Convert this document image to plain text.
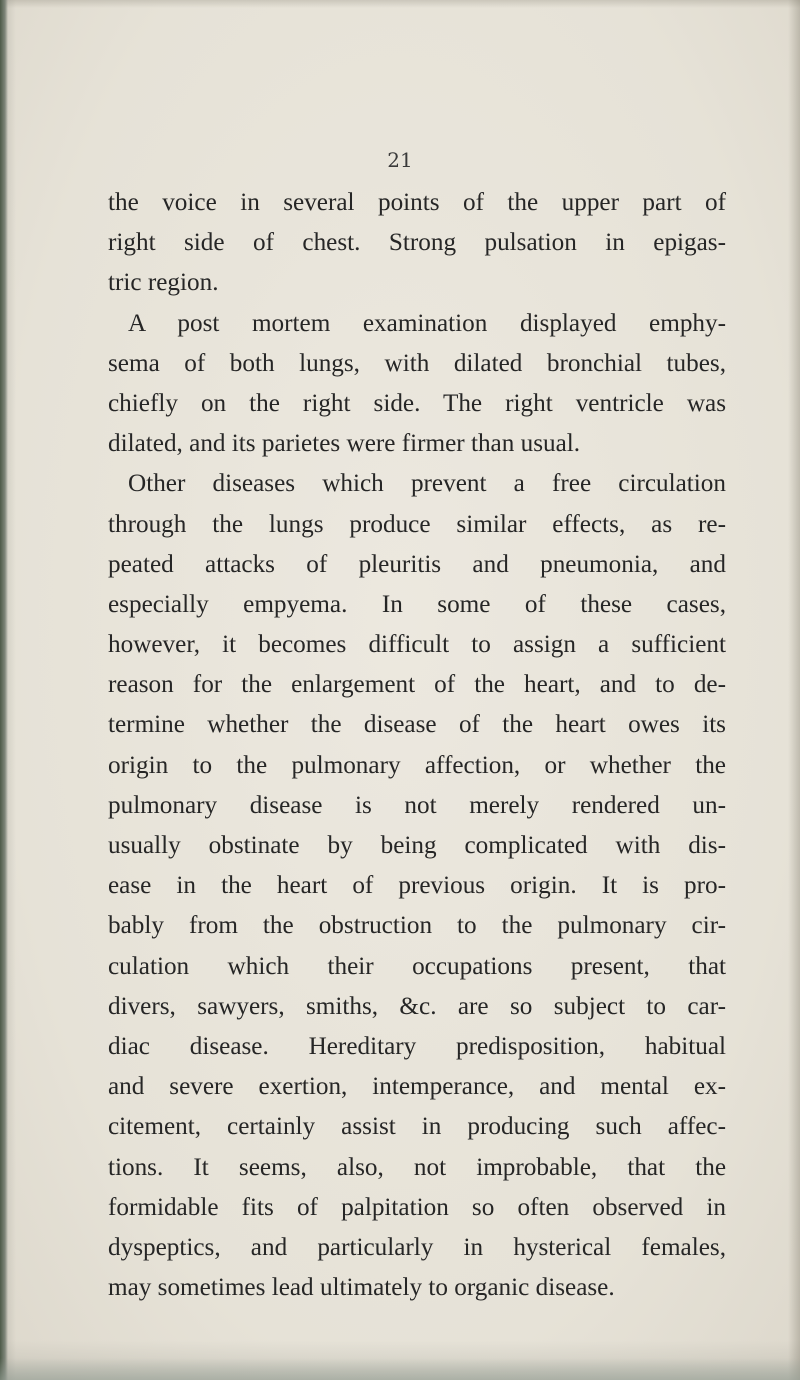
21

the voice in several points of the upper part of
right side of chest. Strong pulsation in epigas-
tric region.
A post mortem examination displayed emphy-
sema of both lungs, with dilated bronchial tubes,
chiefly on the right side. The right ventricle was
dilated, and its parietes were firmer than usual.
Other diseases which prevent a free circulation
through the lungs produce similar effects, as re-
peated attacks of pleuritis and pneumonia, and
especially empyema. In some of these cases,
however, it becomes difficult to assign a sufficient
reason for the enlargement of the heart, and to de-
termine whether the disease of the heart owes its
origin to the pulmonary affection, or whether the
pulmonary disease is not merely rendered un-
usually obstinate by being complicated with dis-
ease in the heart of previous origin. It is pro-
bably from the obstruction to the pulmonary cir-
culation which their occupations present, that
divers, sawyers, smiths, &c. are so subject to car-
diac disease. Hereditary predisposition, habitual
and severe exertion, intemperance, and mental ex-
citement, certainly assist in producing such affec-
tions. It seems, also, not improbable, that the
formidable fits of palpitation so often observed in
dyspeptics, and particularly in hysterical females,
may sometimes lead ultimately to organic disease.
